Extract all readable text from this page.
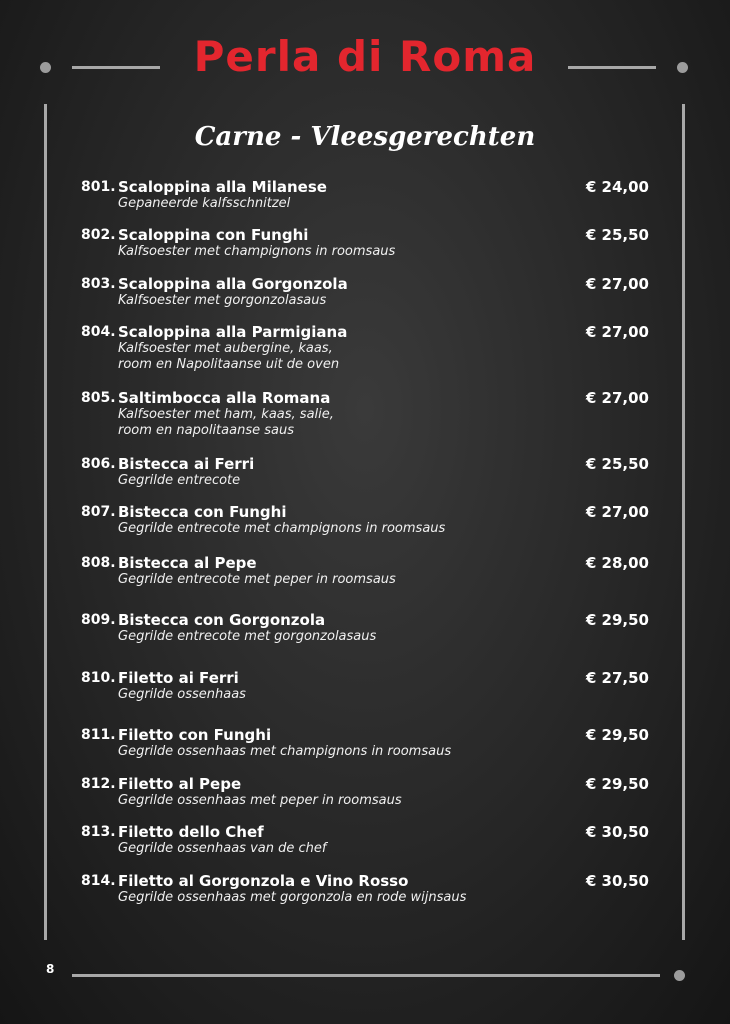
Perla di Roma
Carne - Vleesgerechten
801. Scaloppina alla Milanese
Gepaneerde kalfsschnitzel
€ 24,00
802. Scaloppina con Funghi
Kalfsoester met champignons in roomsaus
€ 25,50
803. Scaloppina alla Gorgonzola
Kalfsoester met gorgonzolasaus
€ 27,00
804. Scaloppina alla Parmigiana
Kalfsoester met aubergine, kaas,
room en Napolitaanse uit de oven
€ 27,00
805. Saltimbocca alla Romana
Kalfsoester met ham, kaas, salie,
room en napolitaanse saus
€ 27,00
806. Bistecca ai Ferri
Gegrilde entrecote
€ 25,50
807. Bistecca con Funghi
Gegrilde entrecote met champignons in roomsaus
€ 27,00
808. Bistecca al Pepe
Gegrilde entrecote met peper in roomsaus
€ 28,00
809. Bistecca con Gorgonzola
Gegrilde entrecote met gorgonzolasaus
€ 29,50
810. Filetto ai Ferri
Gegrilde ossenhaas
€ 27,50
811. Filetto con Funghi
Gegrilde ossenhaas met champignons in roomsaus
€ 29,50
812. Filetto al Pepe
Gegrilde ossenhaas met peper in roomsaus
€ 29,50
813. Filetto dello Chef
Gegrilde ossenhaas van de chef
€ 30,50
814. Filetto al Gorgonzola e Vino Rosso
Gegrilde ossenhaas met gorgonzola en rode wijnsaus
€ 30,50
8
